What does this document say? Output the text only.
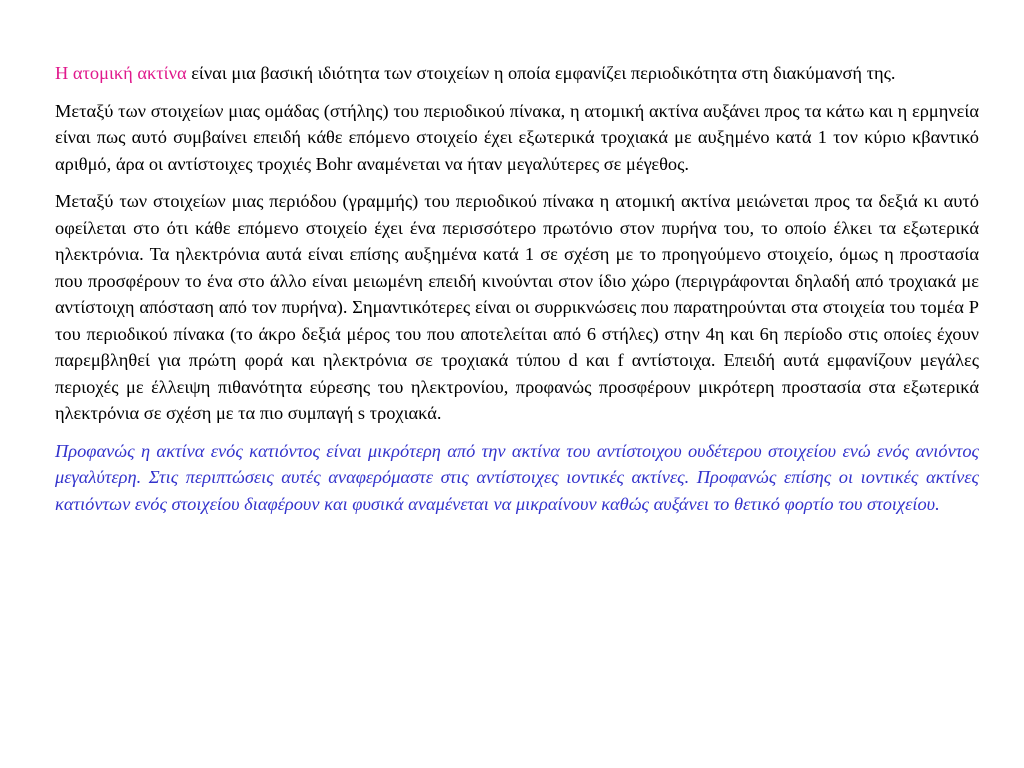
Η ατομική ακτίνα είναι μια βασική ιδιότητα των στοιχείων η οποία εμφανίζει περιοδικότητα στη διακύμανσή της.

Μεταξύ των στοιχείων μιας ομάδας (στήλης) του περιοδικού πίνακα, η ατομική ακτίνα αυξάνει προς τα κάτω και η ερμηνεία είναι πως αυτό συμβαίνει επειδή κάθε επόμενο στοιχείο έχει εξωτερικά τροχιακά με αυξημένο κατά 1 τον κύριο κβαντικό αριθμό, άρα οι αντίστοιχες τροχιές Bohr αναμένεται να ήταν μεγαλύτερες σε μέγεθος.

Μεταξύ των στοιχείων μιας περιόδου (γραμμής) του περιοδικού πίνακα η ατομική ακτίνα μειώνεται προς τα δεξιά κι αυτό οφείλεται στο ότι κάθε επόμενο στοιχείο έχει ένα περισσότερο πρωτόνιο στον πυρήνα του, το οποίο έλκει τα εξωτερικά ηλεκτρόνια. Τα ηλεκτρόνια αυτά είναι επίσης αυξημένα κατά 1 σε σχέση με το προηγούμενο στοιχείο, όμως η προστασία που προσφέρουν το ένα στο άλλο είναι μειωμένη επειδή κινούνται στον ίδιο χώρο (περιγράφονται δηλαδή από τροχιακά με αντίστοιχη απόσταση από τον πυρήνα). Σημαντικότερες είναι οι συρρικνώσεις που παρατηρούνται στα στοιχεία του τομέα P του περιοδικού πίνακα (το άκρο δεξιά μέρος του που αποτελείται από 6 στήλες) στην 4η και 6η περίοδο στις οποίες έχουν παρεμβληθεί για πρώτη φορά και ηλεκτρόνια σε τροχιακά τύπου d και f αντίστοιχα. Επειδή αυτά εμφανίζουν μεγάλες περιοχές με έλλειψη πιθανότητα εύρεσης του ηλεκτρονίου, προφανώς προσφέρουν μικρότερη προστασία στα εξωτερικά ηλεκτρόνια σε σχέση με τα πιο συμπαγή s τροχιακά.

Προφανώς η ακτίνα ενός κατιόντος είναι μικρότερη από την ακτίνα του αντίστοιχου ουδέτερου στοιχείου ενώ ενός ανιόντος μεγαλύτερη. Στις περιπτώσεις αυτές αναφερόμαστε στις αντίστοιχες ιοντικές ακτίνες. Προφανώς επίσης οι ιοντικές ακτίνες κατιόντων ενός στοιχείου διαφέρουν και φυσικά αναμένεται να μικραίνουν καθώς αυξάνει το θετικό φορτίο του στοιχείου.
